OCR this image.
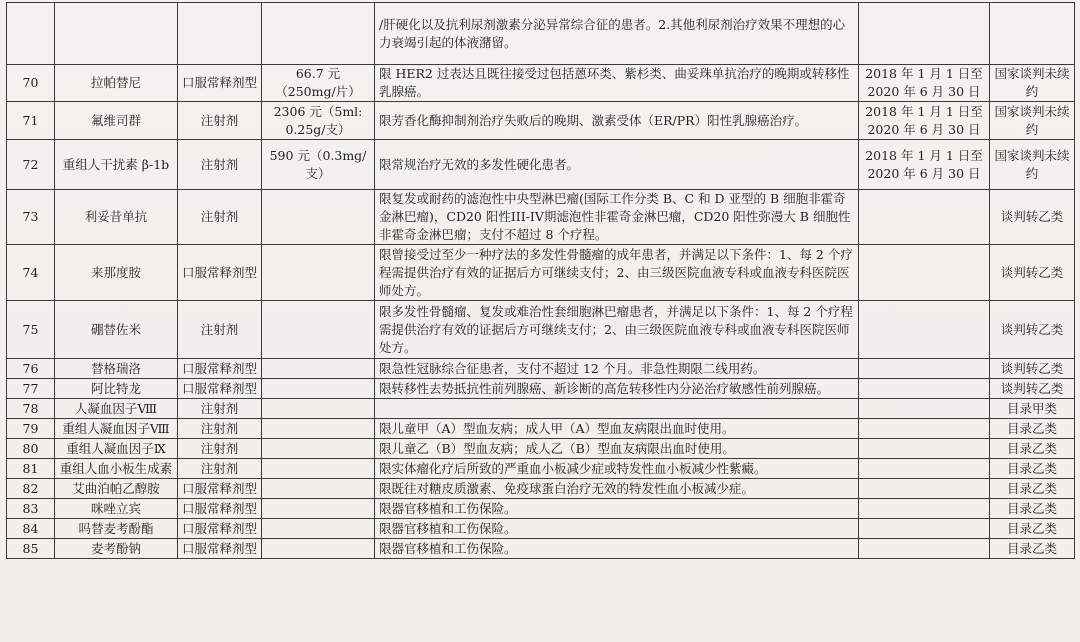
				/肝硬化以及抗利尿剂激素分泌异常综合征的患者。2.其他利尿剂治疗效果不理想的心力衰竭引起的体液潴留。		
70	拉帕替尼	口服常释剂型	66.7 元（250mg/片）	限 HER2 过表达且既往接受过包括蒽环类、紫杉类、曲妥珠单抗治疗的晚期或转移性乳腺癌。	2018 年 1 月 1 日至 2020 年 6 月 30 日	国家谈判未续约
71	氟维司群	注射剂	2306 元（5ml: 0.25g/支）	限芳香化酶抑制剂治疗失败后的晚期、激素受体（ER/PR）阳性乳腺癌治疗。	2018 年 1 月 1 日至 2020 年 6 月 30 日	国家谈判未续约
72	重组人干扰素 β-1b	注射剂	590 元（0.3mg/支）	限常规治疗无效的多发性硬化患者。	2018 年 1 月 1 日至 2020 年 6 月 30 日	国家谈判未续约
73	利妥昔单抗	注射剂		限复发或耐药的滤泡性中央型淋巴瘤(国际工作分类 B、C 和 D 亚型的 B 细胞非霍奇金淋巴瘤)，CD20 阳性III-IV期滤泡性非霍奇金淋巴瘤，CD20 阳性弥漫大 B 细胞性非霍奇金淋巴瘤；支付不超过 8 个疗程。		谈判转乙类
74	来那度胺	口服常释剂型		限曾接受过至少一种疗法的多发性骨髓瘤的成年患者，并满足以下条件：1、每 2 个疗程需提供治疗有效的证据后方可继续支付；2、由三级医院血液专科或血液专科医院医师处方。		谈判转乙类
75	硼替佐米	注射剂		限多发性骨髓瘤、复发或难治性套细胞淋巴瘤患者，并满足以下条件：1、每 2 个疗程需提供治疗有效的证据后方可继续支付；2、由三级医院血液专科或血液专科医院医师处方。		谈判转乙类
76	替格瑞洛	口服常释剂型		限急性冠脉综合征患者，支付不超过 12 个月。非急性期限二线用药。		谈判转乙类
77	阿比特龙	口服常释剂型		限转移性去势抵抗性前列腺癌、新诊断的高危转移性内分泌治疗敏感性前列腺癌。		谈判转乙类
78	人凝血因子Ⅷ	注射剂				目录甲类
79	重组人凝血因子Ⅷ	注射剂		限儿童甲（A）型血友病；成人甲（A）型血友病限出血时使用。		目录乙类
80	重组人凝血因子Ⅸ	注射剂		限儿童乙（B）型血友病；成人乙（B）型血友病限出血时使用。		目录乙类
81	重组人血小板生成素	注射剂		限实体瘤化疗后所致的严重血小板减少症或特发性血小板减少性紫癜。		目录乙类
82	艾曲泊帕乙醇胺	口服常释剂型		限既往对糖皮质激素、免疫球蛋白治疗无效的特发性血小板减少症。		目录乙类
83	咪唑立宾	口服常释剂型		限器官移植和工伤保险。		目录乙类
84	吗替麦考酚酯	口服常释剂型		限器官移植和工伤保险。		目录乙类
85	麦考酚钠	口服常释剂型		限器官移植和工伤保险。		目录乙类
